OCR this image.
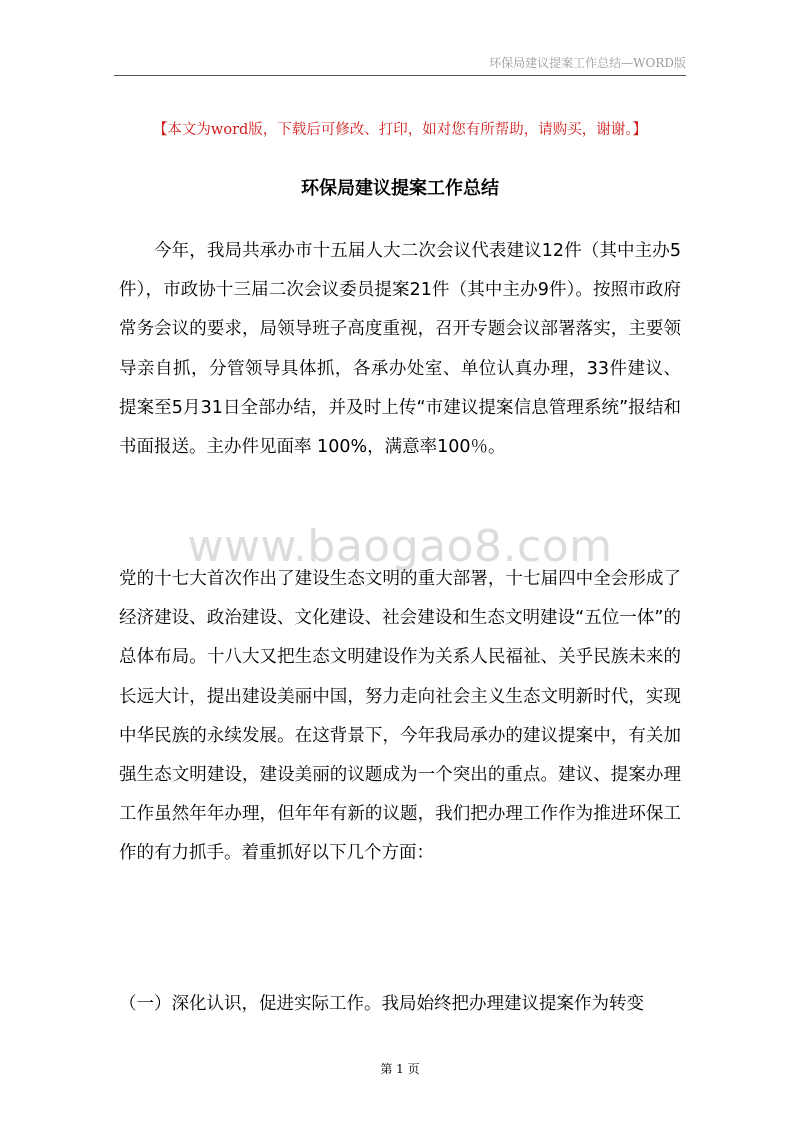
环保局建议提案工作总结—WORD版
【本文为word版，下载后可修改、打印，如对您有所帮助，请购买，谢谢。】
环保局建议提案工作总结
今年，我局共承办市十五届人大二次会议代表建议12件（其中主办5件），市政协十三届二次会议委员提案21件（其中主办9件）。按照市政府常务会议的要求，局领导班子高度重视，召开专题会议部署落实，主要领导亲自抓，分管领导具体抓，各承办处室、单位认真办理，33件建议、提案至5月31日全部办结，并及时上传“市建议提案信息管理系统”报结和书面报送。主办件见面率 100%，满意率100％。
www.baogao8.com
党的十七大首次作出了建设生态文明的重大部署，十七届四中全会形成了经济建设、政治建设、文化建设、社会建设和生态文明建设“五位一体”的总体布局。十八大又把生态文明建设作为关系人民福祉、关乎民族未来的长远大计，提出建设美丽中国，努力走向社会主义生态文明新时代，实现中华民族的永续发展。在这背景下，今年我局承办的建议提案中，有关加强生态文明建设，建设美丽的议题成为一个突出的重点。建议、提案办理工作虽然年年办理，但年年有新的议题，我们把办理工作作为推进环保工作的有力抓手。着重抓好以下几个方面：
（一）深化认识，促进实际工作。我局始终把办理建议提案作为转变
第 1 页
